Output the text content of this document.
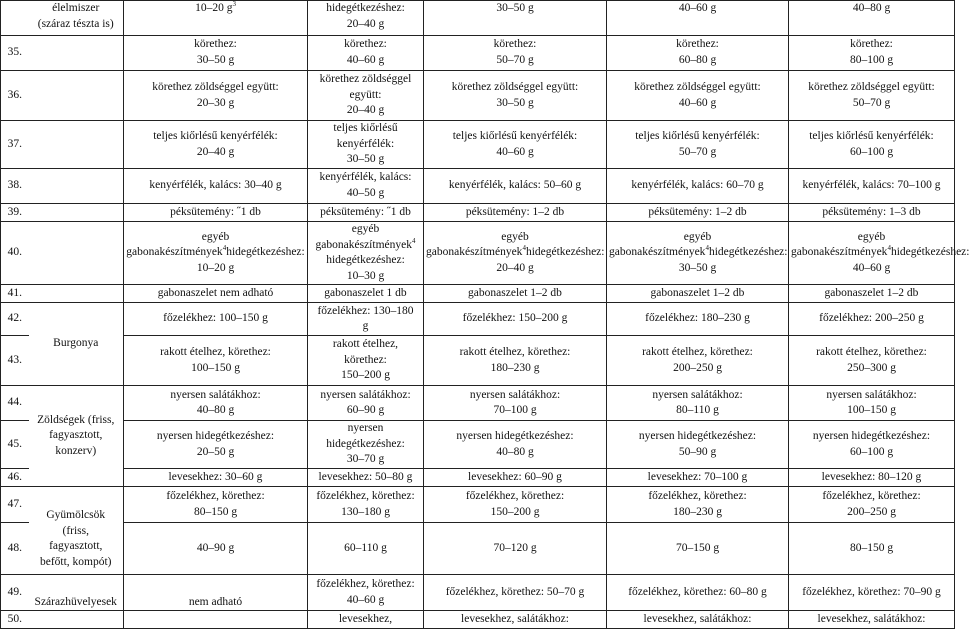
	élelmiszer
(száraz tészta is)	10–20 $g^3$	hidegétkezéshez:
20–40 g	30–50 g	40–60 g	40–80 g
35.		körethez:
30–50 g	körethez:
40–60 g	körethez:
50–70 g	körethez:
60–80 g	körethez:
80–100 g

36.		körethez zöldséggel együtt:
20–30 g	körethez zöldséggel
együtt:
20–40 g	körethez zöldséggel együtt:
30–50 g	körethez zöldséggel együtt:
40–60 g	körethez zöldséggel együtt:
50–70 g

37.		teljes kiőrlésű kenyérfélék:
20–40 g	teljes kiőrlésű
kenyérfélék:
30–50 g	teljes kiőrlésű kenyérfélék:
40–60 g	teljes kiőrlésű kenyérfélék:
50–70 g	teljes kiőrlésű kenyérfélék:
60–100 g

38.		kenyérfélék, kalács: 30–40 g	kenyérfélék, kalács:
40–50 g	kenyérfélék, kalács: 50–60 g	kenyérfélék, kalács: 60–70 g	kenyérfélék, kalács: 70–100 g
39.		péksütemény: ˝1 db	péksütemény: ˝1 db	péksütemény: 1–2 db	péksütemény: 1–2 db	péksütemény: 1–3 db
40.		egyéb
gabonakészítmények$^4$hidegétkezéshez:
10–20 g	egyéb
gabonakészítmények$^4$
hidegétkezéshez:
10–30 g	egyéb
gabonakészítmények$^4$hidegétkezéshez:
20–40 g	egyéb
gabonakészítmények$^4$hidegétkezéshez:
30–50 g	egyéb
gabonakészítmények$^4$hidegétkezéshez:
40–60 g

41.		gabonaszelet nem adható	gabonaszelet 1 db	gabonaszelet 1–2 db	gabonaszelet 1–2 db	gabonaszelet 1–2 db
42.	Burgonya	főzelékhez: 100–150 g	főzelékhez: 130–180
g	főzelékhez: 150–200 g	főzelékhez: 180–230 g	főzelékhez: 200–250 g
43.		rakott ételhez, körethez:
100–150 g	rakott ételhez,
körethez:
150–200 g	rakott ételhez, körethez:
180–230 g	rakott ételhez, körethez:
200–250 g	rakott ételhez, körethez:
250–300 g

44.	Zöldségek (friss,
fagyasztott,
konzerv)	nyersen salátákhoz:
40–80 g	nyersen salátákhoz:
60–90 g	nyersen salátákhoz:
70–100 g	nyersen salátákhoz:
80–110 g	nyersen salátákhoz:
100–150 g

45.		nyersen hidegétkezéshez:
20–50 g	nyersen
hidegétkezéshez:
30–70 g	nyersen hidegétkezéshez:
40–80 g	nyersen hidegétkezéshez:
50–90 g	nyersen hidegétkezéshez:
60–100 g

46.		levesekhez: 30–60 g	levesekhez: 50–80 g	levesekhez: 60–90 g	levesekhez: 70–100 g	levesekhez: 80–120 g
47.	Gyümölcsök
(friss,
fagyasztott,
befőtt, kompót)	főzelékhez, körethez:
80–150 g	főzelékhez, körethez:
130–180 g	főzelékhez, körethez:
150–200 g	főzelékhez, körethez:
180–230 g	főzelékhez, körethez:
200–250 g

48.		40–90 g	60–110 g	70–120 g	70–150 g	80–150 g
49.	Szárazhüvelyesek	nem adható	főzelékhez, körethez:
40–60 g	főzelékhez, körethez: 50–70 g	főzelékhez, körethez: 60–80 g	főzelékhez, körethez: 70–90 g
50.			levesekhez,	levesekhez, salátákhoz:	levesekhez, salátákhoz:	levesekhez, salátákhoz:
